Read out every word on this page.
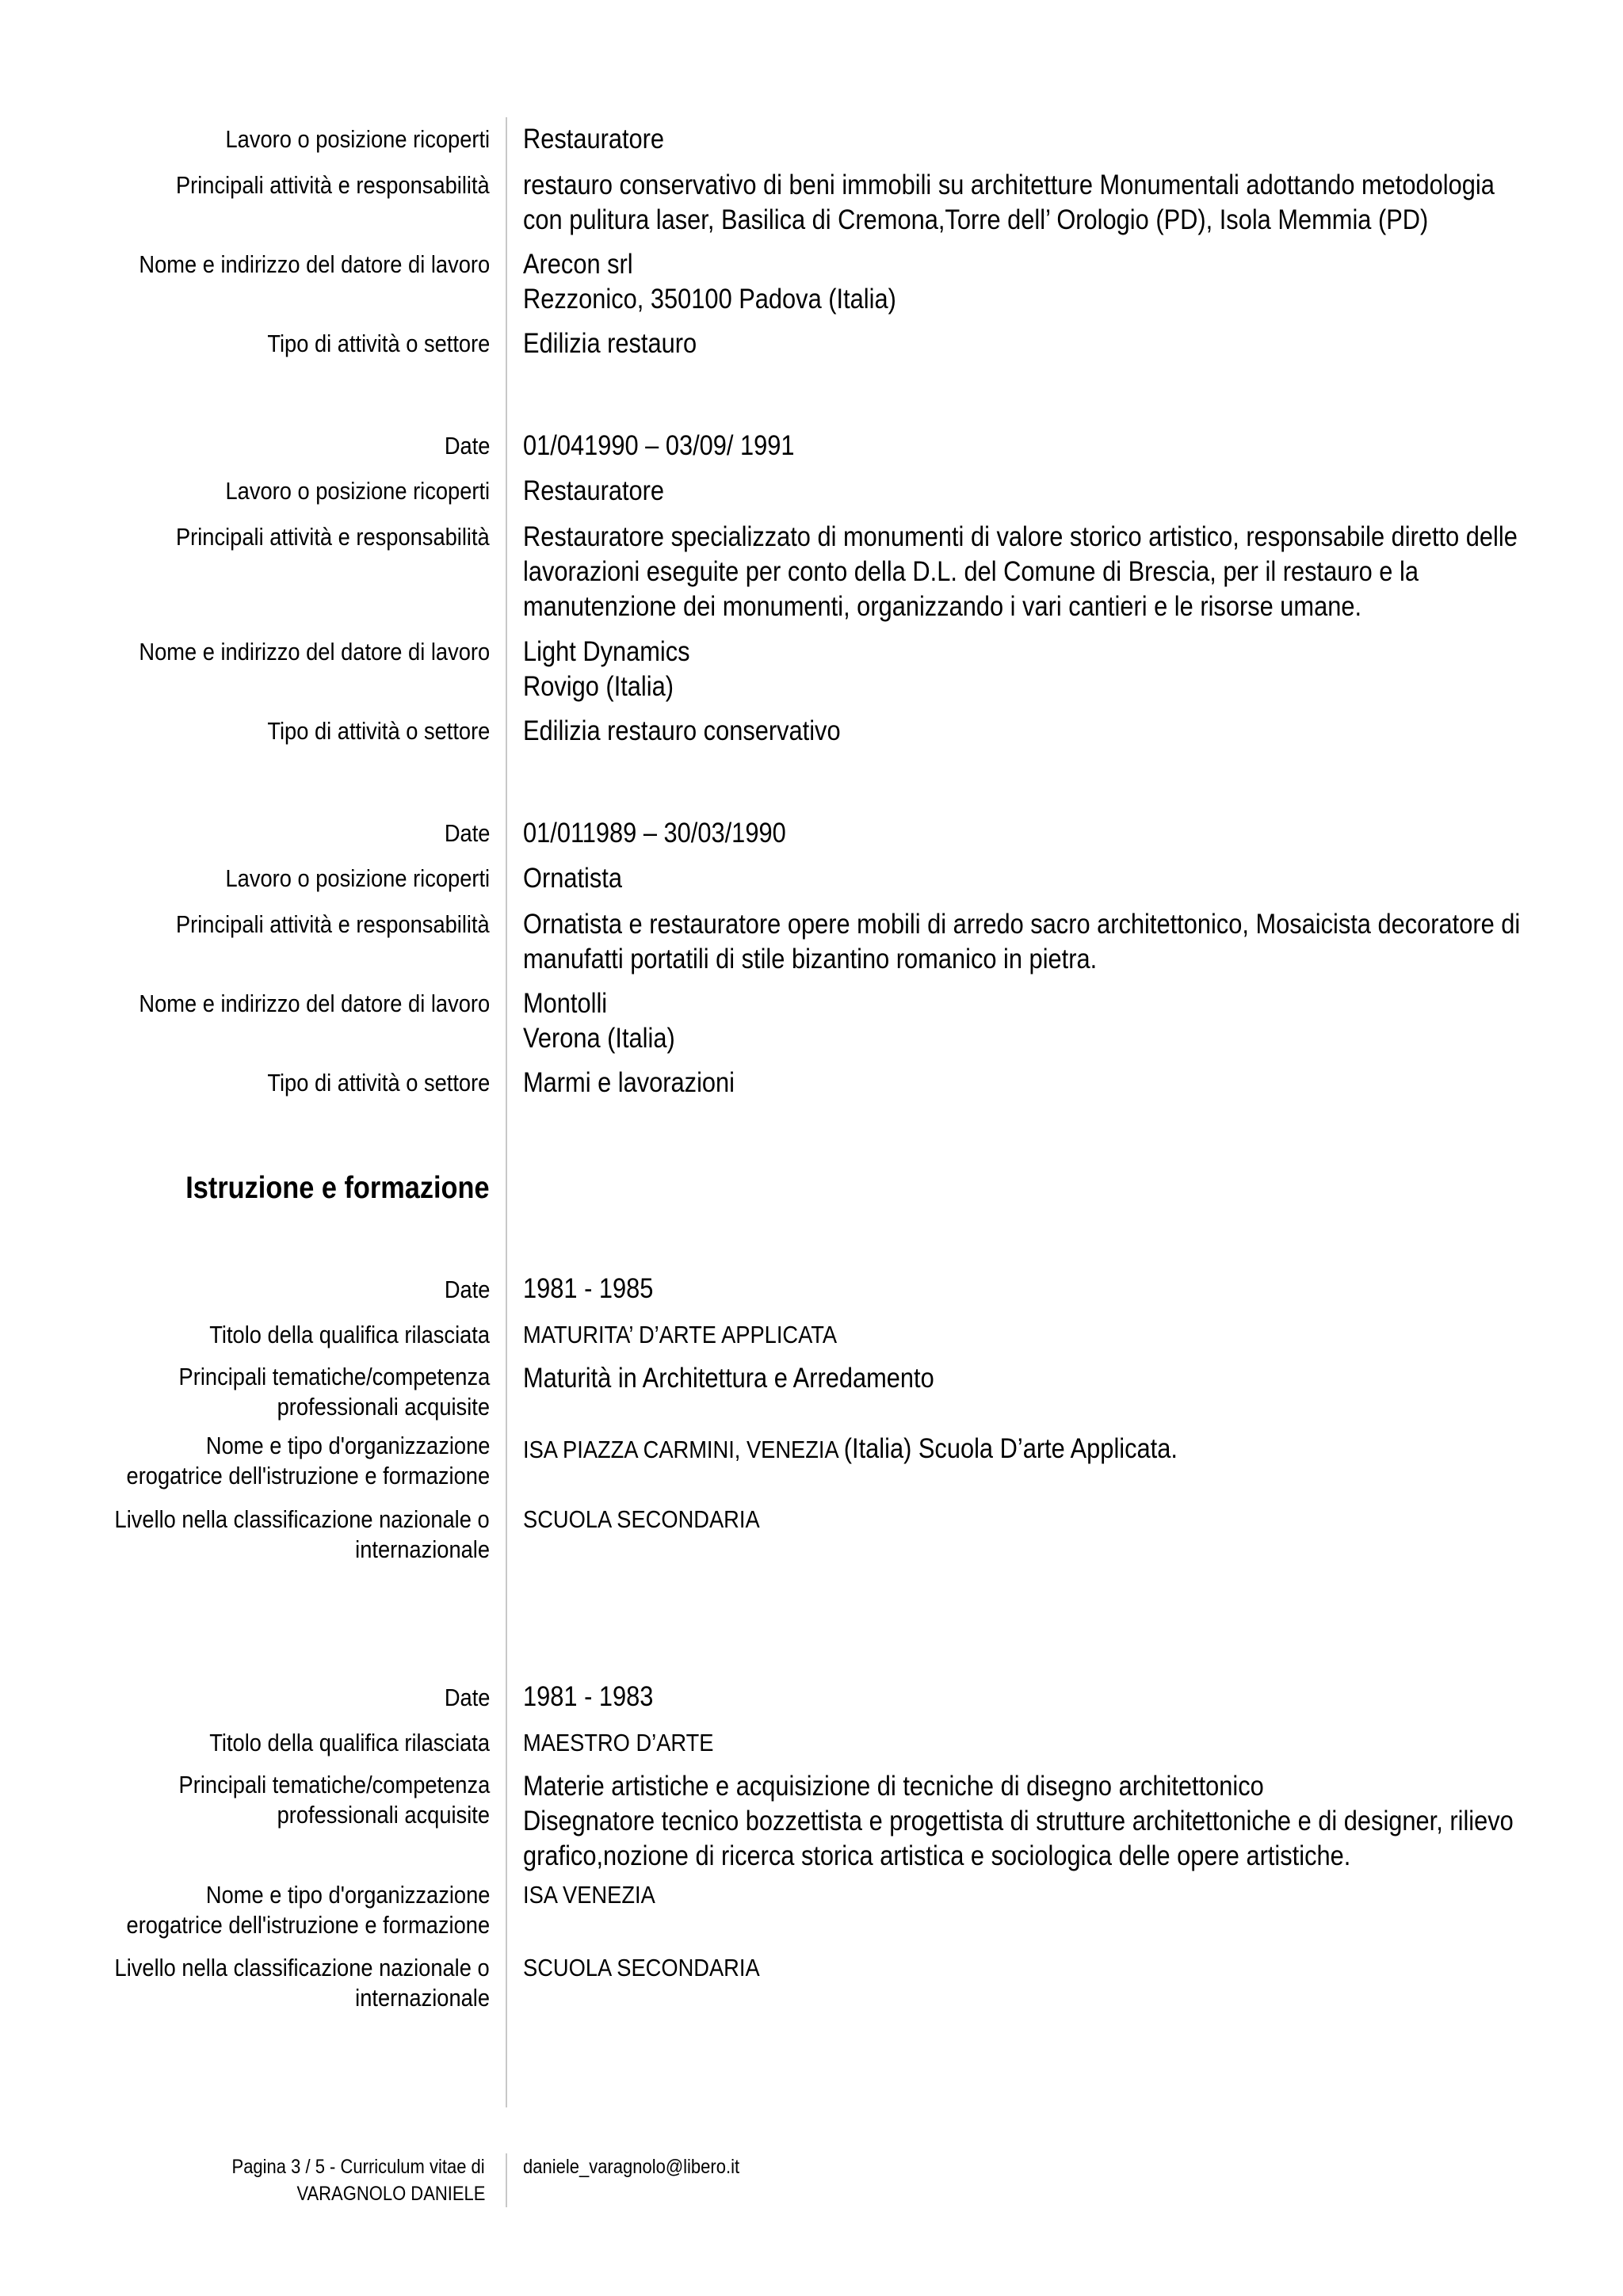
Lavoro o posizione ricoperti Restauratore
Principali attività e responsabilità restauro conservativo di beni immobili su architetture Monumentali adottando metodologia
con pulitura laser, Basilica di Cremona,Torre dell’ Orologio (PD), Isola Memmia (PD)
Nome e indirizzo del datore di lavoro Arecon srl
Rezzonico, 350100 Padova (Italia)
Tipo di attività o settore Edilizia restauro
Date 01/041990 – 03/09/ 1991
Lavoro o posizione ricoperti Restauratore
Principali attività e responsabilità Restauratore specializzato di monumenti di valore storico artistico, responsabile diretto delle
lavorazioni eseguite per conto della D.L. del Comune di Brescia, per il restauro e la
manutenzione dei monumenti, organizzando i vari cantieri e le risorse umane.
Nome e indirizzo del datore di lavoro Light Dynamics
Rovigo (Italia)
Tipo di attività o settore Edilizia restauro conservativo
Date 01/011989 – 30/03/1990
Lavoro o posizione ricoperti Ornatista
Principali attività e responsabilità Ornatista e restauratore opere mobili di arredo sacro architettonico, Mosaicista decoratore di
manufatti portatili di stile bizantino romanico in pietra.
Nome e indirizzo del datore di lavoro Montolli
Verona (Italia)
Tipo di attività o settore Marmi e lavorazioni
Istruzione e formazione
Date 1981 - 1985
Titolo della qualifica rilasciata MATURITA’ D’ARTE APPLICATA
Principali tematiche/competenza
professionali acquisite
Maturità in Architettura e Arredamento
Nome e tipo d'organizzazione
erogatrice dell'istruzione e formazione
ISA PIAZZA CARMINI, VENEZIA (Italia) Scuola D’arte Applicata.
Livello nella classificazione nazionale o
internazionale
SCUOLA SECONDARIA
Date 1981 - 1983
Titolo della qualifica rilasciata MAESTRO D’ARTE
Principali tematiche/competenza
professionali acquisite
Materie artistiche e acquisizione di tecniche di disegno architettonico
Disegnatore tecnico bozzettista e progettista di strutture architettoniche e di designer, rilievo
grafico,nozione di ricerca storica artistica e sociologica delle opere artistiche.
Nome e tipo d'organizzazione
erogatrice dell'istruzione e formazione
ISA VENEZIA
Livello nella classificazione nazionale o
internazionale
SCUOLA SECONDARIA
Pagina 3 / 5 - Curriculum vitae di
VARAGNOLO DANIELE
daniele_varagnolo@libero.it
